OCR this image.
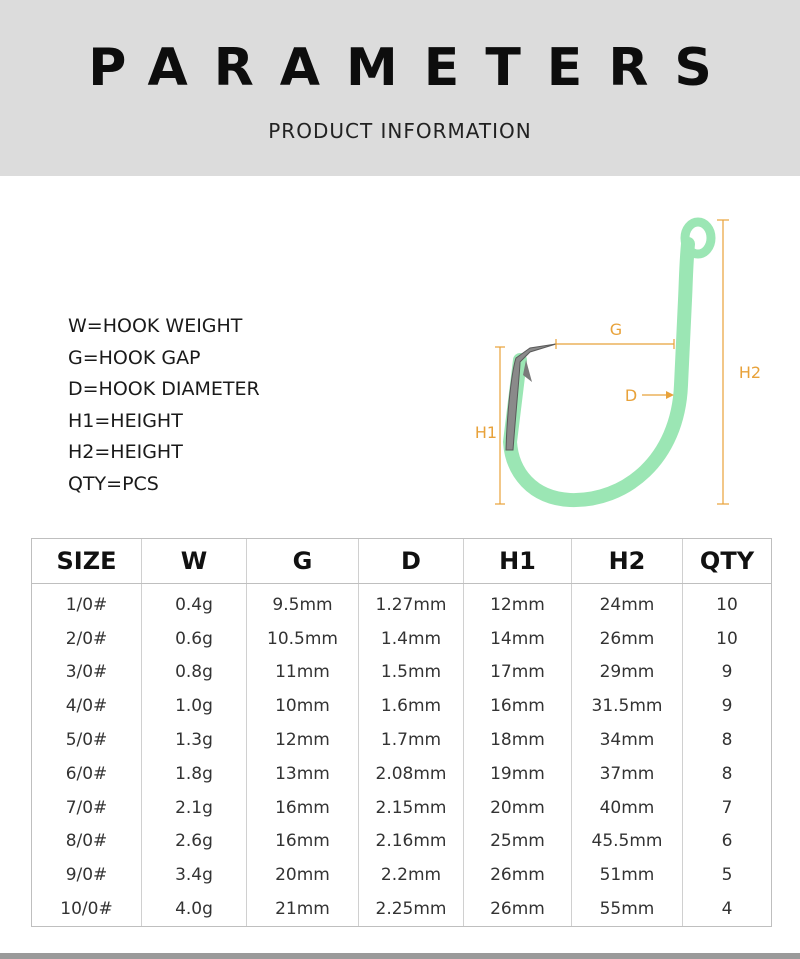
PARAMETERS
PRODUCT INFORMATION
W=HOOK WEIGHT
G=HOOK GAP
D=HOOK DIAMETER
H1=HEIGHT
H2=HEIGHT
QTY=PCS
G
H1
H2
D
SIZE	W	G	D	H1	H2	QTY
1/0#	0.4g	9.5mm	1.27mm	12mm	24mm	10
2/0#	0.6g	10.5mm	1.4mm	14mm	26mm	10
3/0#	0.8g	11mm	1.5mm	17mm	29mm	9
4/0#	1.0g	10mm	1.6mm	16mm	31.5mm	9
5/0#	1.3g	12mm	1.7mm	18mm	34mm	8
6/0#	1.8g	13mm	2.08mm	19mm	37mm	8
7/0#	2.1g	16mm	2.15mm	20mm	40mm	7
8/0#	2.6g	16mm	2.16mm	25mm	45.5mm	6
9/0#	3.4g	20mm	2.2mm	26mm	51mm	5
10/0#	4.0g	21mm	2.25mm	26mm	55mm	4
